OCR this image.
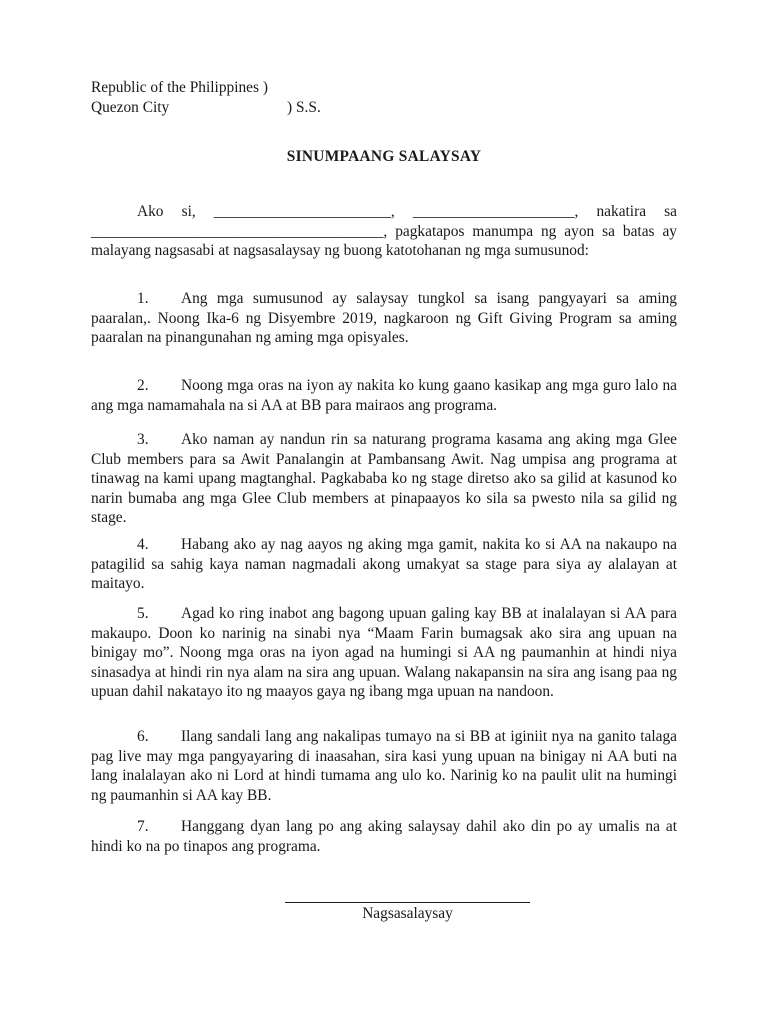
Republic of the Philippines )
Quezon City	) S.S.
SINUMPAANG SALAYSAY

Ako si, _______________________, _____________________, nakatira sa ______________________________________, pagkatapos manumpa ng ayon sa batas ay malayang nagsasabi at nagsasalaysay ng buong katotohanan ng mga sumusunod:

1. Ang mga sumusunod ay salaysay tungkol sa isang pangyayari sa aming paaralan,. Noong Ika-6 ng Disyembre 2019, nagkaroon ng Gift Giving Program sa aming paaralan na pinangunahan ng aming mga opisyales.

2. Noong mga oras na iyon ay nakita ko kung gaano kasikap ang mga guro lalo na ang mga namamahala na si AA at BB para mairaos ang programa.

3. Ako naman ay nandun rin sa naturang programa kasama ang aking mga Glee Club members para sa Awit Panalangin at Pambansang Awit. Nag umpisa ang programa at tinawag na kami upang magtanghal. Pagkababa ko ng stage diretso ako sa gilid at kasunod ko narin bumaba ang mga Glee Club members at pinapaayos ko sila sa pwesto nila sa gilid ng stage.

4. Habang ako ay nag aayos ng aking mga gamit, nakita ko si AA na nakaupo na patagilid sa sahig kaya naman nagmadali akong umakyat sa stage para siya ay alalayan at maitayo.

5. Agad ko ring inabot ang bagong upuan galing kay BB at inalalayan si AA para makaupo. Doon ko narinig na sinabi nya “Maam Farin bumagsak ako sira ang upuan na binigay mo”. Noong mga oras na iyon agad na humingi si AA ng paumanhin at hindi niya sinasadya at hindi rin nya alam na sira ang upuan. Walang nakapansin na sira ang isang paa ng upuan dahil nakatayo ito ng maayos gaya ng ibang mga upuan na nandoon.

6. Ilang sandali lang ang nakalipas tumayo na si BB at iginiit nya na ganito talaga pag live may mga pangyayaring di inaasahan, sira kasi yung upuan na binigay ni AA buti na lang inalalayan ako ni Lord at hindi tumama ang ulo ko. Narinig ko na paulit ulit na humingi ng paumanhin si AA kay BB.

7. Hanggang dyan lang po ang aking salaysay dahil ako din po ay umalis na at hindi ko na po tinapos ang programa.

Nagsasalaysay
